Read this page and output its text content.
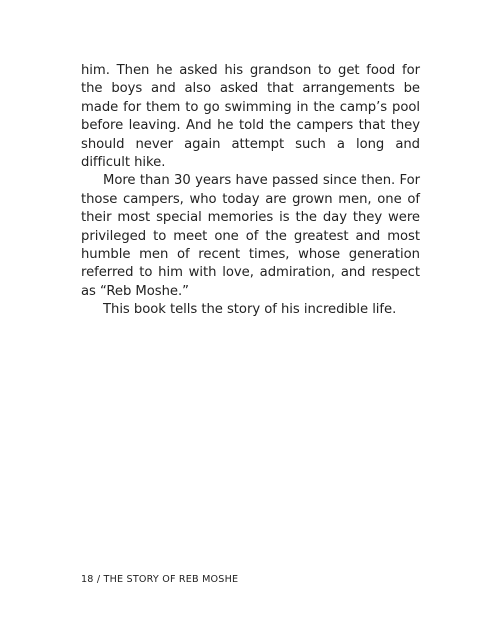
him. Then he asked his grandson to get food for the boys and also asked that arrangements be made for them to go swimming in the camp’s pool before leaving. And he told the campers that they should never again attempt such a long and difficult hike.

More than 30 years have passed since then. For those campers, who today are grown men, one of their most special memories is the day they were privileged to meet one of the greatest and most humble men of recent times, whose generation referred to him with love, admiration, and respect as “Reb Moshe.”

This book tells the story of his incredible life.

18 / THE STORY OF REB MOSHE
